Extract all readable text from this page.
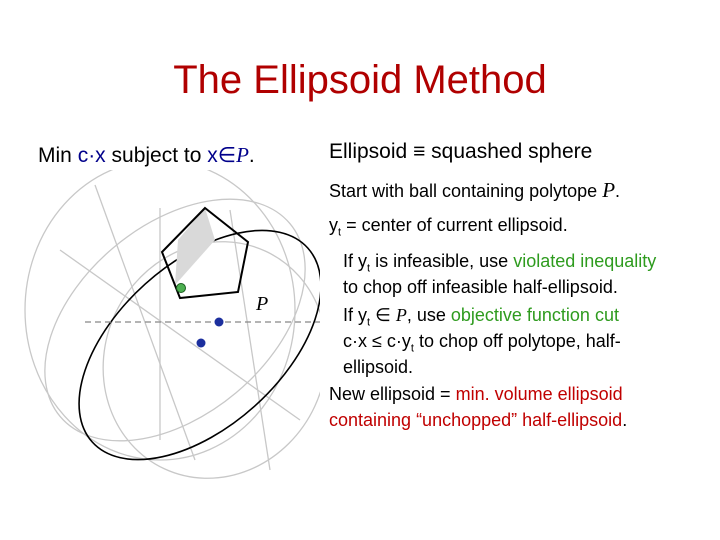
The Ellipsoid Method
Min c·x subject to x∈P.
P
Ellipsoid ≡ squashed sphere
Start with ball containing polytope P.
$y_t$ = center of current ellipsoid.
If $y_t$ is infeasible, use violated inequality
to chop off infeasible half-ellipsoid.
If $y_t$ ∈ P, use objective function cut
$c\cdot x \le c\cdot y_t$ to chop off polytope, half-
ellipsoid.
New ellipsoid = min. volume ellipsoid
containing “unchopped” half-ellipsoid.
